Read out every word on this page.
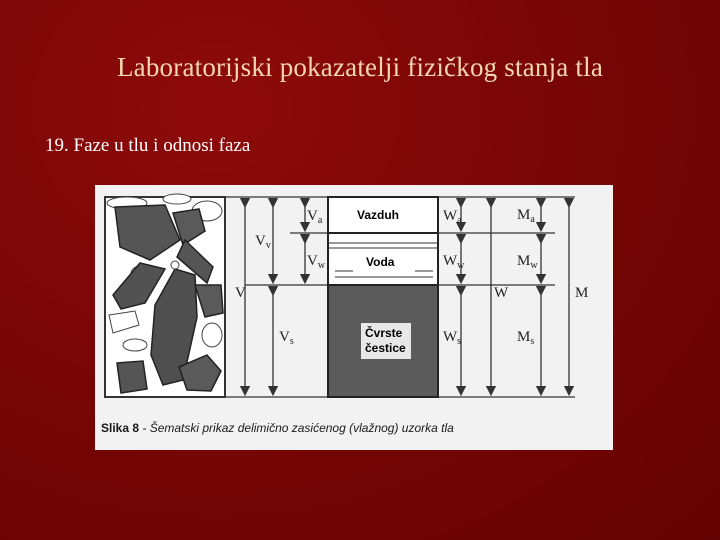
Laboratorijski pokazatelji fizičkog stanja tla
19. Faze u tlu i odnosi faza
Vazduh
Voda
Čvrste
čestice
$V_v$
V
$V_s$
$V_a$
$V_w$
$W_a$
$W_w$
$W_s$
W
$M_a$
$M_w$
$M_s$
M
Slika 8 - Šematski prikaz delimično zasićenog (vlažnog) uzorka tla
